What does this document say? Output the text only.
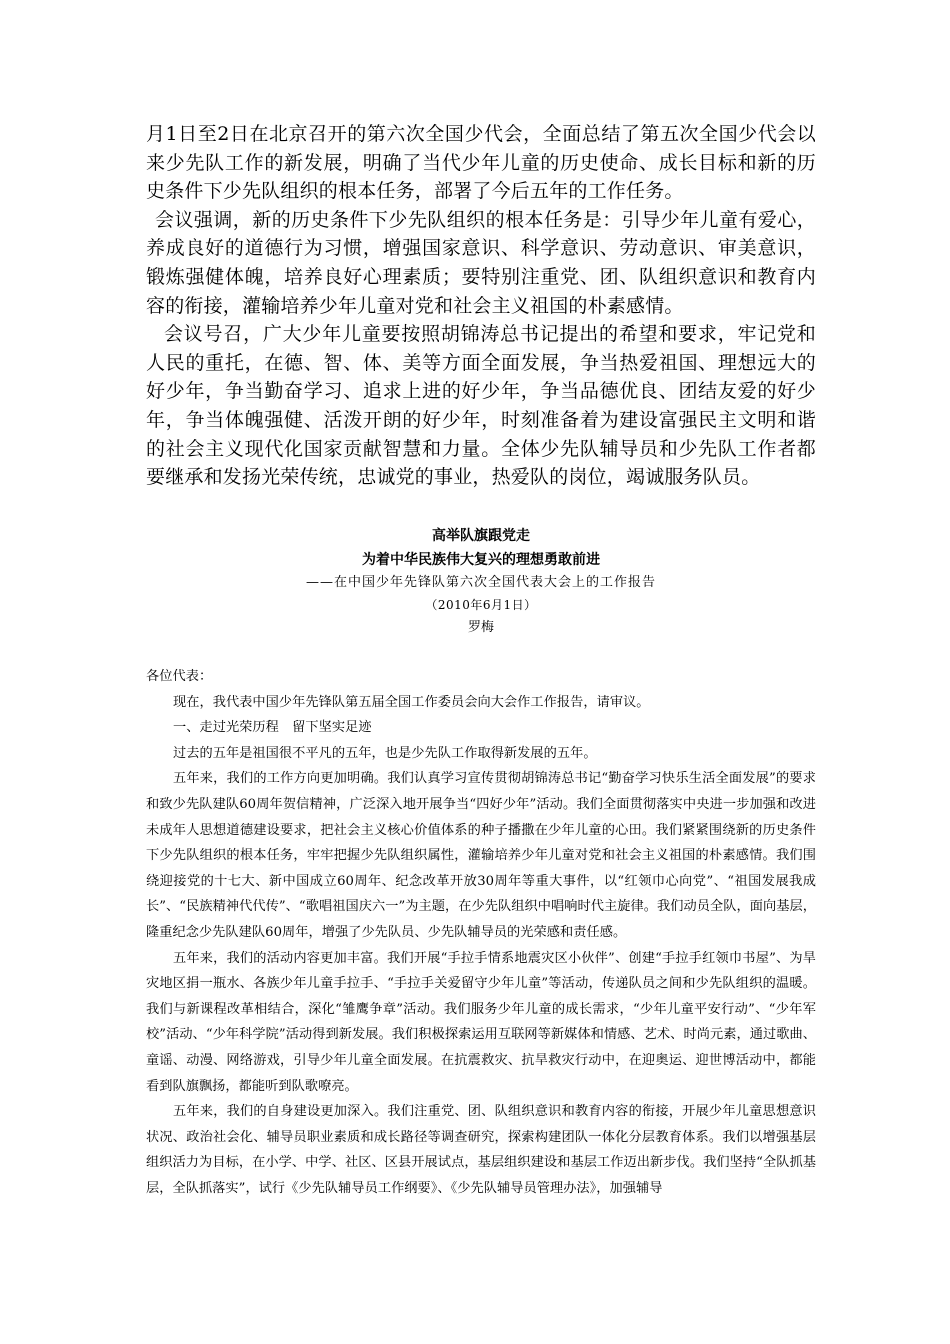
月1日至2日在北京召开的第六次全国少代会，全面总结了第五次全国少代会以来少先队工作的新发展，明确了当代少年儿童的历史使命、成长目标和新的历史条件下少先队组织的根本任务，部署了今后五年的工作任务。

会议强调，新的历史条件下少先队组织的根本任务是：引导少年儿童有爱心，养成良好的道德行为习惯，增强国家意识、科学意识、劳动意识、审美意识，锻炼强健体魄，培养良好心理素质；要特别注重党、团、队组织意识和教育内容的衔接，灌输培养少年儿童对党和社会主义祖国的朴素感情。

会议号召，广大少年儿童要按照胡锦涛总书记提出的希望和要求，牢记党和人民的重托，在德、智、体、美等方面全面发展，争当热爱祖国、理想远大的好少年，争当勤奋学习、追求上进的好少年，争当品德优良、团结友爱的好少年，争当体魄强健、活泼开朗的好少年，时刻准备着为建设富强民主文明和谐的社会主义现代化国家贡献智慧和力量。全体少先队辅导员和少先队工作者都要继承和发扬光荣传统，忠诚党的事业，热爱队的岗位，竭诚服务队员。

高举队旗跟党走

为着中华民族伟大复兴的理想勇敢前进

——在中国少年先锋队第六次全国代表大会上的工作报告

（2010年6月1日）

罗梅

各位代表：

现在，我代表中国少年先锋队第五届全国工作委员会向大会作工作报告，请审议。

一、走过光荣历程　留下坚实足迹

过去的五年是祖国很不平凡的五年，也是少先队工作取得新发展的五年。

五年来，我们的工作方向更加明确。我们认真学习宣传贯彻胡锦涛总书记“勤奋学习快乐生活全面发展”的要求和致少先队建队60周年贺信精神，广泛深入地开展争当“四好少年”活动。我们全面贯彻落实中央进一步加强和改进未成年人思想道德建设要求，把社会主义核心价值体系的种子播撒在少年儿童的心田。我们紧紧围绕新的历史条件下少先队组织的根本任务，牢牢把握少先队组织属性，灌输培养少年儿童对党和社会主义祖国的朴素感情。我们围绕迎接党的十七大、新中国成立60周年、纪念改革开放30周年等重大事件，以“红领巾心向党”、“祖国发展我成长”、“民族精神代代传”、“歌唱祖国庆六一”为主题，在少先队组织中唱响时代主旋律。我们动员全队，面向基层，隆重纪念少先队建队60周年，增强了少先队员、少先队辅导员的光荣感和责任感。

五年来，我们的活动内容更加丰富。我们开展“手拉手情系地震灾区小伙伴”、创建“手拉手红领巾书屋”、为旱灾地区捐一瓶水、各族少年儿童手拉手、“手拉手关爱留守少年儿童”等活动，传递队员之间和少先队组织的温暖。我们与新课程改革相结合，深化“雏鹰争章”活动。我们服务少年儿童的成长需求，“少年儿童平安行动”、“少年军校”活动、“少年科学院”活动得到新发展。我们积极探索运用互联网等新媒体和情感、艺术、时尚元素，通过歌曲、童谣、动漫、网络游戏，引导少年儿童全面发展。在抗震救灾、抗旱救灾行动中，在迎奥运、迎世博活动中，都能看到队旗飘扬，都能听到队歌嘹亮。

五年来，我们的自身建设更加深入。我们注重党、团、队组织意识和教育内容的衔接，开展少年儿童思想意识状况、政治社会化、辅导员职业素质和成长路径等调查研究，探索构建团队一体化分层教育体系。我们以增强基层组织活力为目标，在小学、中学、社区、区县开展试点，基层组织建设和基层工作迈出新步伐。我们坚持“全队抓基层，全队抓落实”，试行《少先队辅导员工作纲要》、《少先队辅导员管理办法》，加强辅导
